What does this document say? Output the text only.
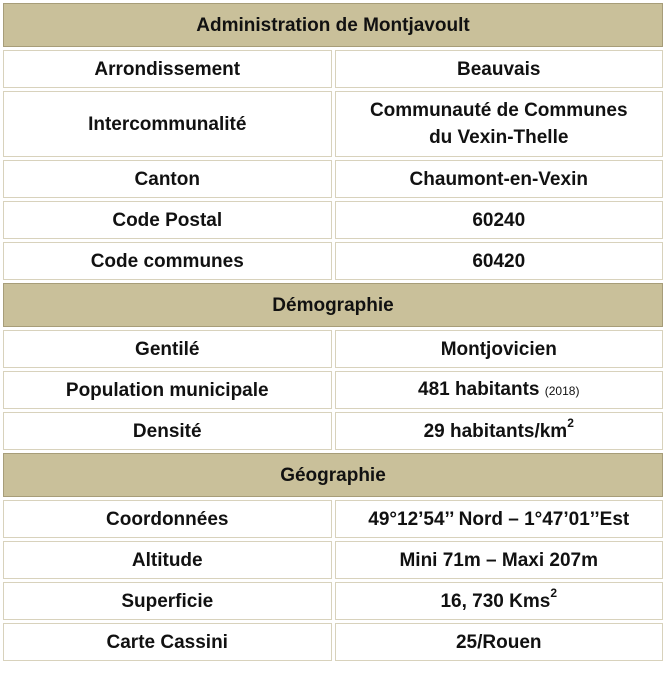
Administration de Montjavoult	
Arrondissement	Beauvais
Intercommunalité	Communauté de Communes
du Vexin-Thelle
Canton	Chaumont-en-Vexin
Code Postal	60240
Code communes	60420
Démographie	
Gentilé	Montjovicien
Population municipale	481 habitants (2018)
Densité	29 habitants/$km^2$
Géographie	
Coordonnées	49°12’54’’ Nord – 1°47’01’’Est
Altitude	Mini 71m – Maxi 207m
Superficie	16, 730 Kms$^2$
Carte Cassini	25/Rouen
